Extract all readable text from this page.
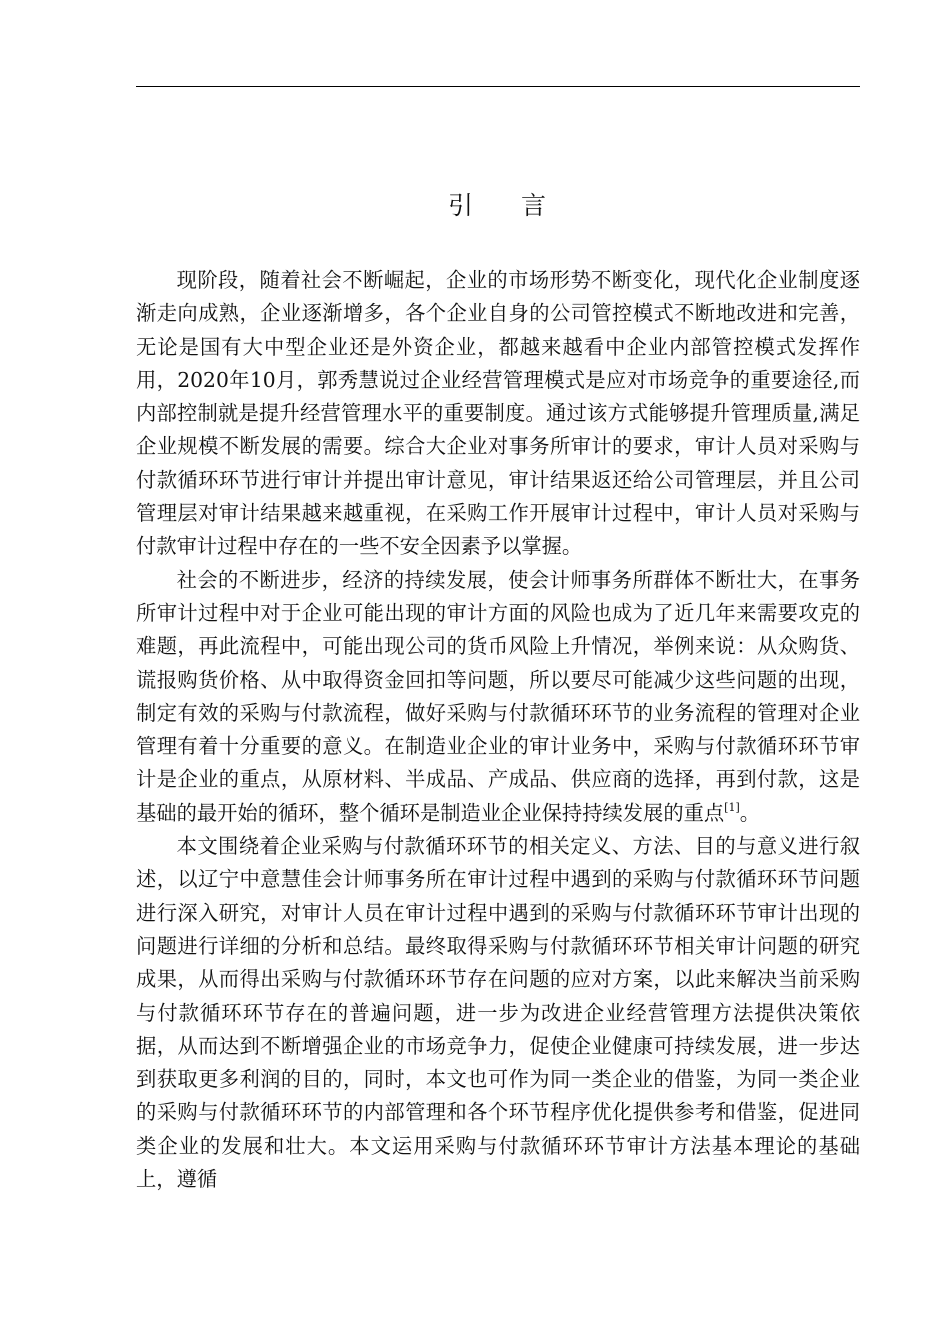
引 言

现阶段，随着社会不断崛起，企业的市场形势不断变化，现代化企业制度逐渐走向成熟，企业逐渐增多，各个企业自身的公司管控模式不断地改进和完善，无论是国有大中型企业还是外资企业，都越来越看中企业内部管控模式发挥作用，2020年10月，郭秀慧说过企业经营管理模式是应对市场竞争的重要途径,而内部控制就是提升经营管理水平的重要制度。通过该方式能够提升管理质量,满足企业规模不断发展的需要。综合大企业对事务所审计的要求，审计人员对采购与付款循环环节进行审计并提出审计意见，审计结果返还给公司管理层，并且公司管理层对审计结果越来越重视，在采购工作开展审计过程中，审计人员对采购与付款审计过程中存在的一些不安全因素予以掌握。

社会的不断进步，经济的持续发展，使会计师事务所群体不断壮大，在事务所审计过程中对于企业可能出现的审计方面的风险也成为了近几年来需要攻克的难题，再此流程中，可能出现公司的货币风险上升情况，举例来说：从众购货、谎报购货价格、从中取得资金回扣等问题，所以要尽可能减少这些问题的出现，制定有效的采购与付款流程，做好采购与付款循环环节的业务流程的管理对企业管理有着十分重要的意义。在制造业企业的审计业务中，采购与付款循环环节审计是企业的重点，从原材料、半成品、产成品、供应商的选择，再到付款，这是基础的最开始的循环，整个循环是制造业企业保持持续发展的重点[1]。

本文围绕着企业采购与付款循环环节的相关定义、方法、目的与意义进行叙述，以辽宁中意慧佳会计师事务所在审计过程中遇到的采购与付款循环环节问题进行深入研究，对审计人员在审计过程中遇到的采购与付款循环环节审计出现的问题进行详细的分析和总结。最终取得采购与付款循环环节相关审计问题的研究成果，从而得出采购与付款循环环节存在问题的应对方案，以此来解决当前采购与付款循环环节存在的普遍问题，进一步为改进企业经营管理方法提供决策依据，从而达到不断增强企业的市场竞争力，促使企业健康可持续发展，进一步达到获取更多利润的目的，同时，本文也可作为同一类企业的借鉴，为同一类企业的采购与付款循环环节的内部管理和各个环节程序优化提供参考和借鉴，促进同类企业的发展和壮大。本文运用采购与付款循环环节审计方法基本理论的基础上，遵循
